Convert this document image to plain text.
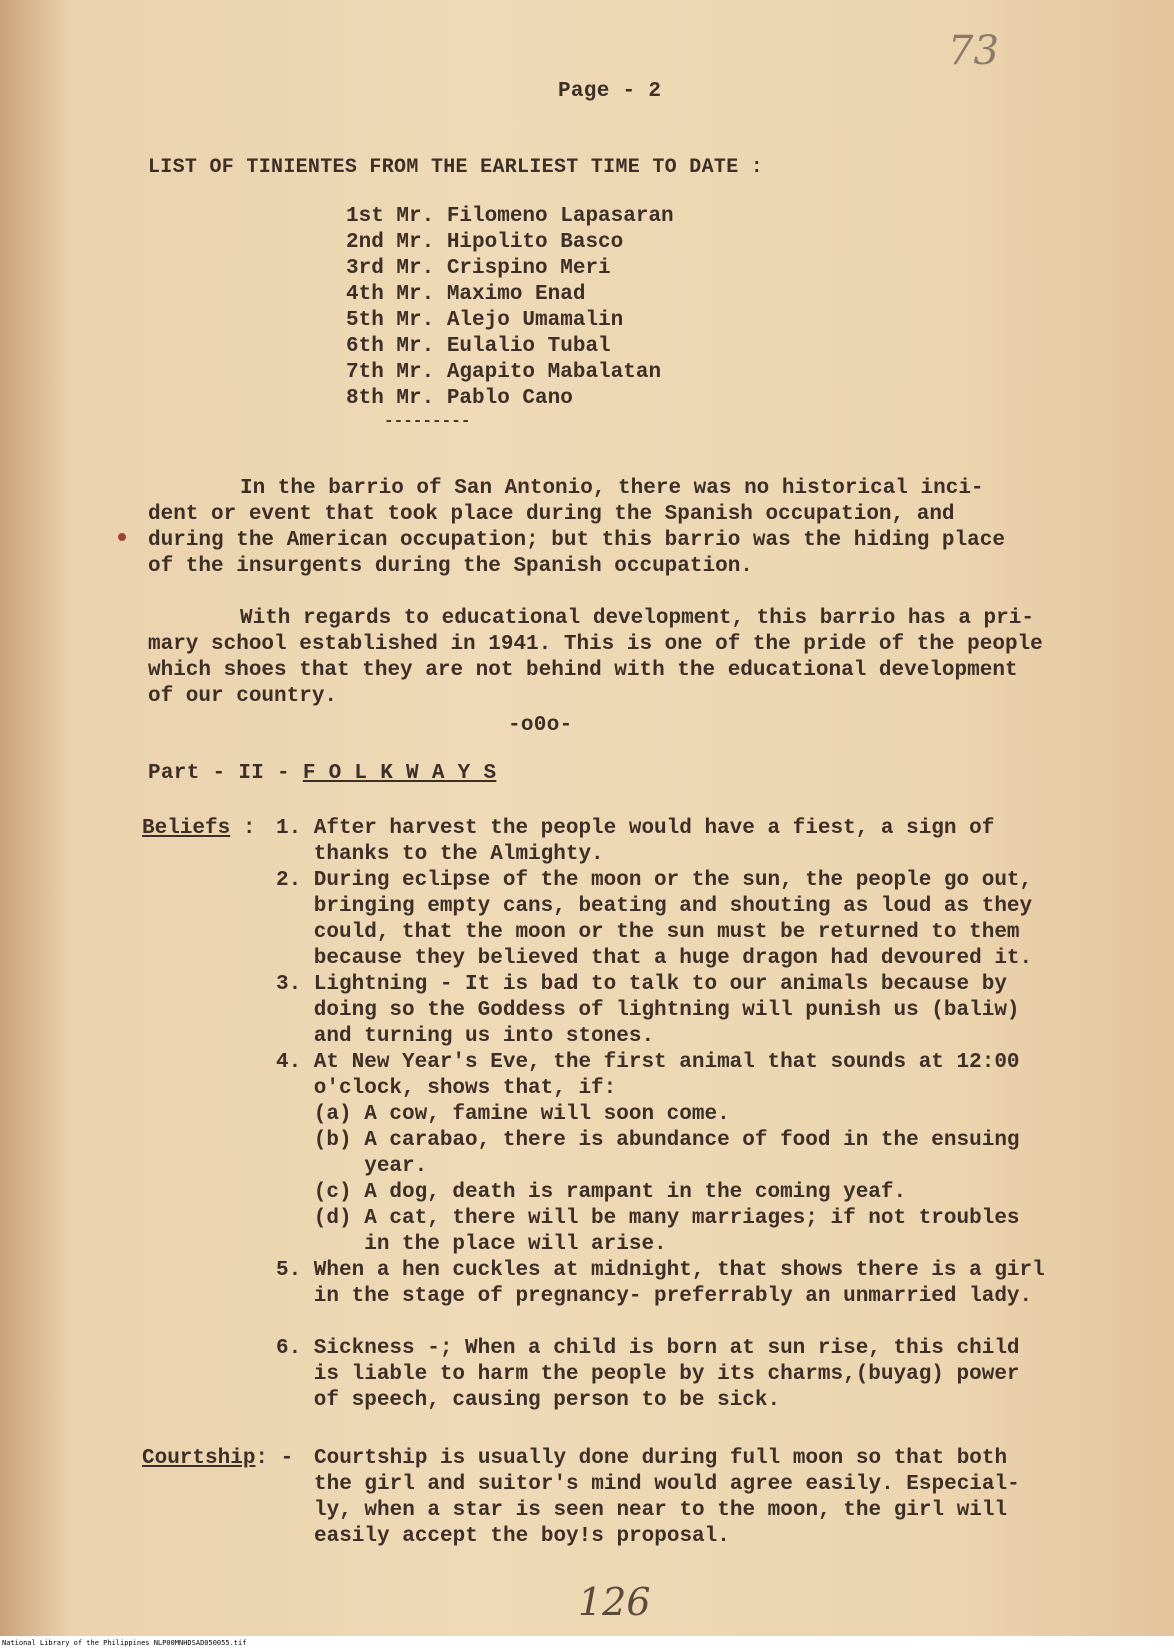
73
Page - 2
LIST OF TINIENTES FROM THE EARLIEST TIME TO DATE :
1st Mr. Filomeno Lapasaran
2nd Mr. Hipolito Basco
3rd Mr. Crispino Meri
4th Mr. Maximo Enad
5th Mr. Alejo Umamalin
6th Mr. Eulalio Tubal
7th Mr. Agapito Mabalatan
8th Mr. Pablo Cano
---------
In the barrio of San Antonio, there was no historical inci-
dent or event that took place during the Spanish occupation, and
during the American occupation; but this barrio was the hiding place
of the insurgents during the Spanish occupation.
With regards to educational development, this barrio has a pri-
mary school established in 1941. This is one of the pride of the people
which shoes that they are not behind with the educational development
of our country.
-o0o-
Part - II - F O L K W A Y S
Beliefs : 1. After harvest the people would have a fiest, a sign of
thanks to the Almighty.
2. During eclipse of the moon or the sun, the people go out,
bringing empty cans, beating and shouting as loud as they
could, that the moon or the sun must be returned to them
because they believed that a huge dragon had devoured it.
3. Lightning - It is bad to talk to our animals because by
doing so the Goddess of lightning will punish us (baliw)
and turning us into stones.
4. At New Year's Eve, the first animal that sounds at 12:00
o'clock, shows that, if:
(a) A cow, famine will soon come.
(b) A carabao, there is abundance of food in the ensuing
year.
(c) A dog, death is rampant in the coming yeaf.
(d) A cat, there will be many marriages; if not troubles
in the place will arise.
5. When a hen cuckles at midnight, that shows there is a girl
in the stage of pregnancy- preferrably an unmarried lady.
6. Sickness -; When a child is born at sun rise, this child
is liable to harm the people by its charms,(buyag) power
of speech, causing person to be sick.
Courtship: - Courtship is usually done during full moon so that both
the girl and suitor's mind would agree easily. Especial-
ly, when a star is seen near to the moon, the girl will
easily accept the boy!s proposal.
126
National Library of the Philippines NLP00MNHDSAD050055.tif
